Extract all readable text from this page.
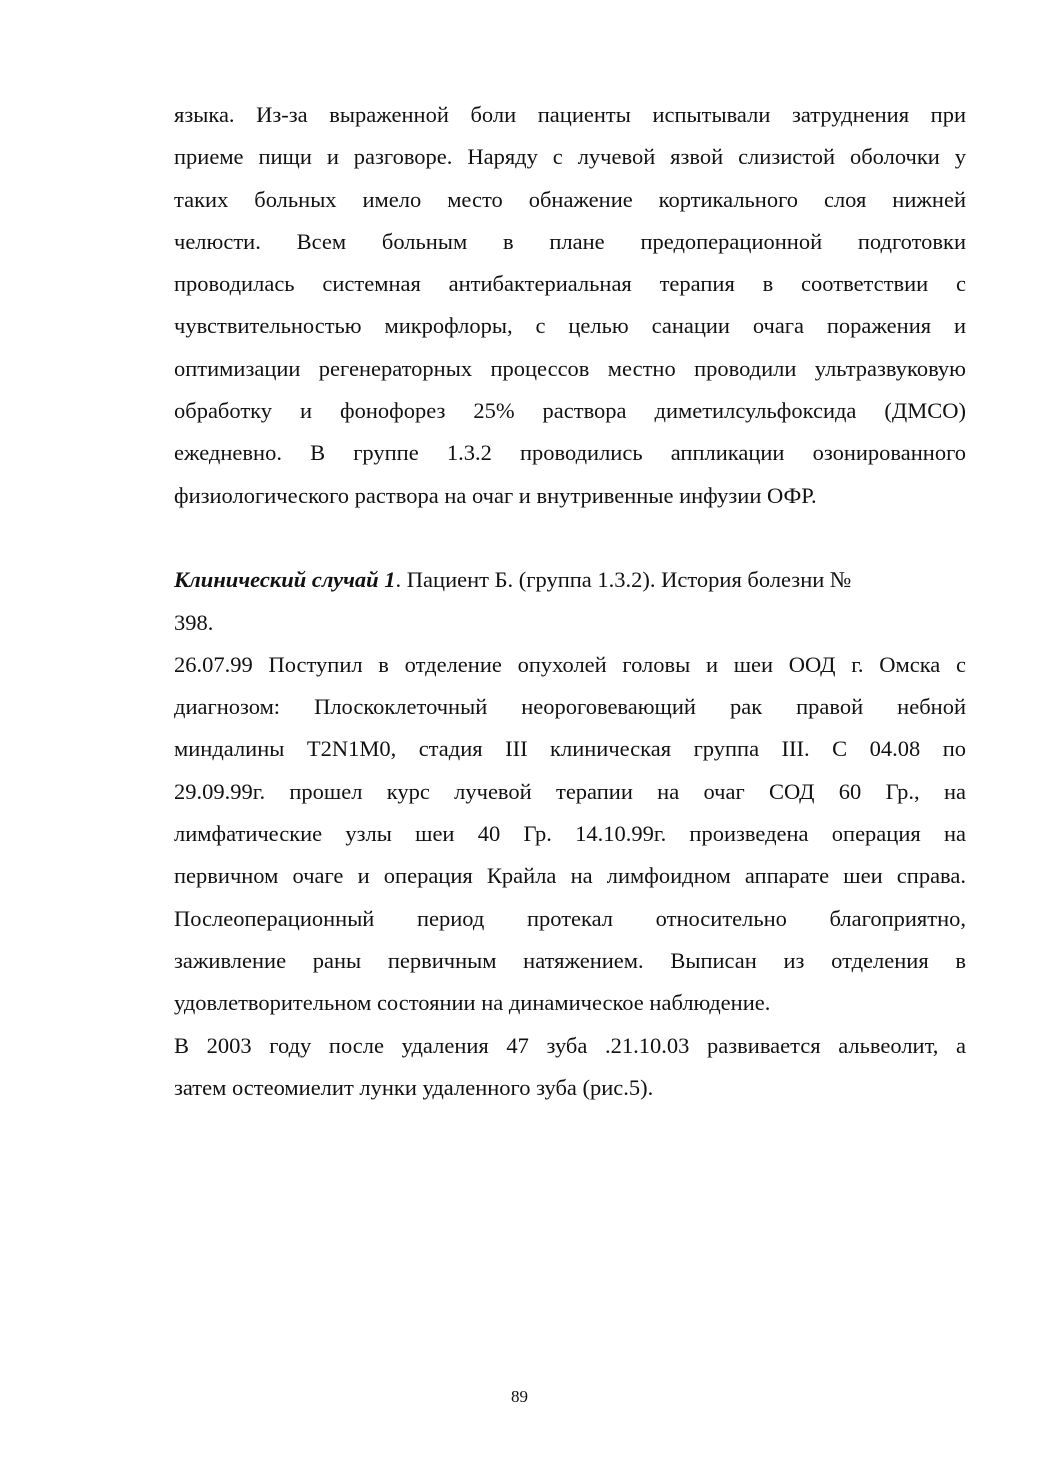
языка. Из-за выраженной боли пациенты испытывали затруднения при
приеме пищи и разговоре. Наряду с лучевой язвой слизистой оболочки у
таких больных имело место обнажение кортикального слоя нижней
челюсти. Всем больным в плане предоперационной подготовки
проводилась системная антибактериальная терапия в соответствии с
чувствительностью микрофлоры, с целью санации очага поражения и
оптимизации регенераторных процессов местно проводили ультразвуковую
обработку и фонофорез 25% раствора диметилсульфоксида (ДМСО)
ежедневно. В группе 1.3.2 проводились аппликации озонированного
физиологического раствора на очаг и внутривенные инфузии ОФР.
Клинический случай 1. Пациент Б. (группа 1.3.2). История болезни №
398.
26.07.99 Поступил в отделение опухолей головы и шеи ООД г. Омска с
диагнозом: Плоскоклеточный неороговевающий рак правой небной
миндалины T2N1M0, стадия III клиническая группа III. С 04.08 по
29.09.99г. прошел курс лучевой терапии на очаг СОД 60 Гр., на
лимфатические узлы шеи 40 Гр. 14.10.99г. произведена операция на
первичном очаге и операция Крайла на лимфоидном аппарате шеи справа.
Послеоперационный период протекал относительно благоприятно,
заживление раны первичным натяжением. Выписан из отделения в
удовлетворительном состоянии на динамическое наблюдение.
В 2003 году после удаления 47 зуба .21.10.03 развивается альвеолит, а
затем остеомиелит лунки удаленного зуба (рис.5).
89
